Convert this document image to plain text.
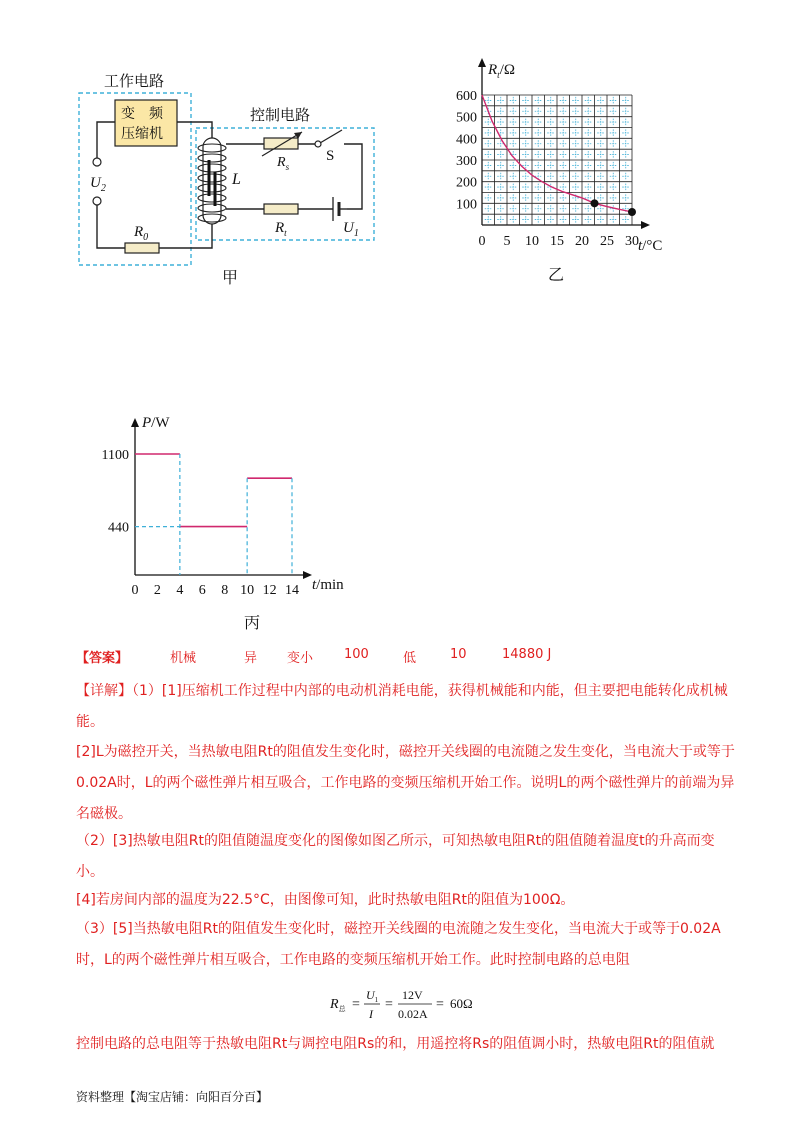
工作电路
控制电路
变　频
压缩机
$U_2$
$R_0$
L
$R_s$
S
$R_t$	$U_1$
甲
0 5 10 15 20 25 30
100
200
300
400
500
600
$R_t/\Omega$
t/°C
乙
0 2 4 6 8 10 12 14
440
1100
P/W
t/min
丙
【答案】	机械	异 变小 100	低	10	14880 J
【详解】（1）[1]压缩机工作过程中内部的电动机消耗电能，获得机械能和内能，但主要把电能转化成机械能。
[2]L为磁控开关，当热敏电阻Rt的阻值发生变化时，磁控开关线圈的电流随之发生变化，当电流大于或等于0.02A时，L的两个磁性弹片相互吸合，工作电路的变频压缩机开始工作。说明L的两个磁性弹片的前端为异名磁极。
（2）[3]热敏电阻Rt的阻值随温度变化的图像如图乙所示，可知热敏电阻Rt的阻值随着温度t的升高而变小。
[4]若房间内部的温度为22.5°C，由图像可知，此时热敏电阻Rt的阻值为100Ω。
（3）[5]当热敏电阻Rt的阻值发生变化时，磁控开关线圈的电流随之发生变化，当电流大于或等于0.02A时，L的两个磁性弹片相互吸合，工作电路的变频压缩机开始工作。此时控制电路的总电阻
$R_总$ =
$U_1$
I
=
12V
0.02A
= 60Ω
控制电路的总电阻等于热敏电阻Rt与调控电阻Rs的和，用遥控将Rs的阻值调小时，热敏电阻Rt的阻值就
资料整理【淘宝店铺：向阳百分百】
